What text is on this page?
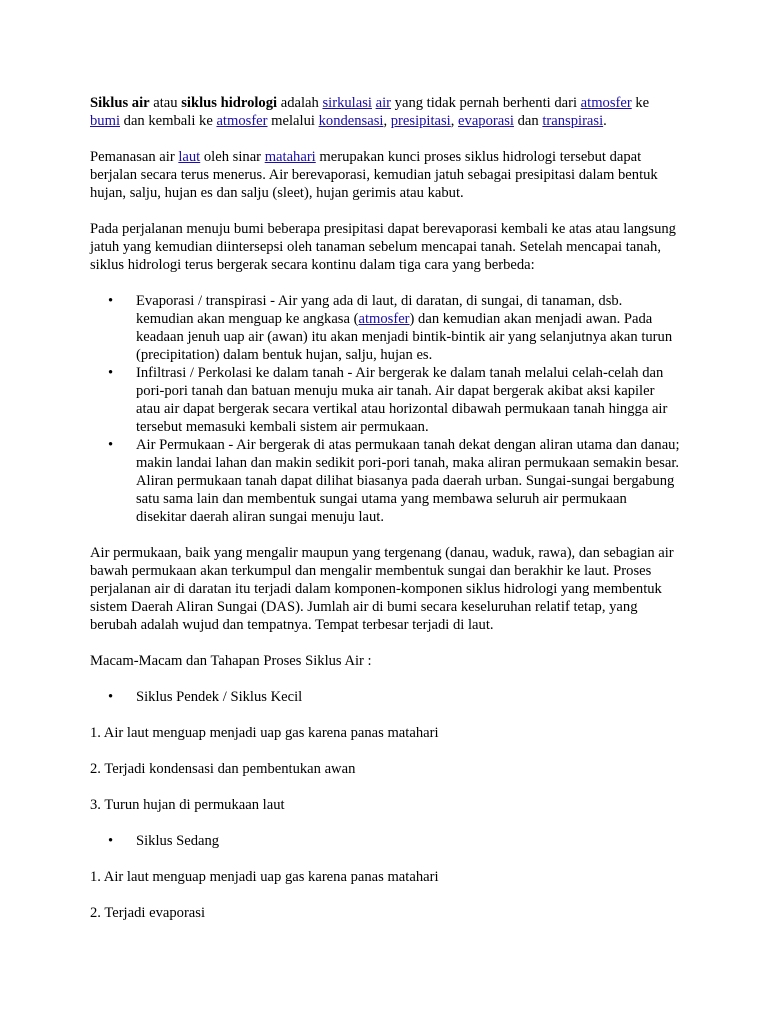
Siklus air atau siklus hidrologi adalah sirkulasi air yang tidak pernah berhenti dari atmosfer ke bumi dan kembali ke atmosfer melalui kondensasi, presipitasi, evaporasi dan transpirasi.

Pemanasan air laut oleh sinar matahari merupakan kunci proses siklus hidrologi tersebut dapat berjalan secara terus menerus. Air berevaporasi, kemudian jatuh sebagai presipitasi dalam bentuk hujan, salju, hujan es dan salju (sleet), hujan gerimis atau kabut.

Pada perjalanan menuju bumi beberapa presipitasi dapat berevaporasi kembali ke atas atau langsung jatuh yang kemudian diintersepsi oleh tanaman sebelum mencapai tanah. Setelah mencapai tanah, siklus hidrologi terus bergerak secara kontinu dalam tiga cara yang berbeda:

• Evaporasi / transpirasi - Air yang ada di laut, di daratan, di sungai, di tanaman, dsb. kemudian akan menguap ke angkasa (atmosfer) dan kemudian akan menjadi awan. Pada keadaan jenuh uap air (awan) itu akan menjadi bintik-bintik air yang selanjutnya akan turun (precipitation) dalam bentuk hujan, salju, hujan es.
• Infiltrasi / Perkolasi ke dalam tanah - Air bergerak ke dalam tanah melalui celah-celah dan pori-pori tanah dan batuan menuju muka air tanah. Air dapat bergerak akibat aksi kapiler atau air dapat bergerak secara vertikal atau horizontal dibawah permukaan tanah hingga air tersebut memasuki kembali sistem air permukaan.
• Air Permukaan - Air bergerak di atas permukaan tanah dekat dengan aliran utama dan danau; makin landai lahan dan makin sedikit pori-pori tanah, maka aliran permukaan semakin besar. Aliran permukaan tanah dapat dilihat biasanya pada daerah urban. Sungai-sungai bergabung satu sama lain dan membentuk sungai utama yang membawa seluruh air permukaan disekitar daerah aliran sungai menuju laut.

Air permukaan, baik yang mengalir maupun yang tergenang (danau, waduk, rawa), dan sebagian air bawah permukaan akan terkumpul dan mengalir membentuk sungai dan berakhir ke laut. Proses perjalanan air di daratan itu terjadi dalam komponen-komponen siklus hidrologi yang membentuk sistem Daerah Aliran Sungai (DAS). Jumlah air di bumi secara keseluruhan relatif tetap, yang berubah adalah wujud dan tempatnya. Tempat terbesar terjadi di laut.

Macam-Macam dan Tahapan Proses Siklus Air :

• Siklus Pendek / Siklus Kecil

1. Air laut menguap menjadi uap gas karena panas matahari

2. Terjadi kondensasi dan pembentukan awan

3. Turun hujan di permukaan laut

• Siklus Sedang

1. Air laut menguap menjadi uap gas karena panas matahari

2. Terjadi evaporasi
